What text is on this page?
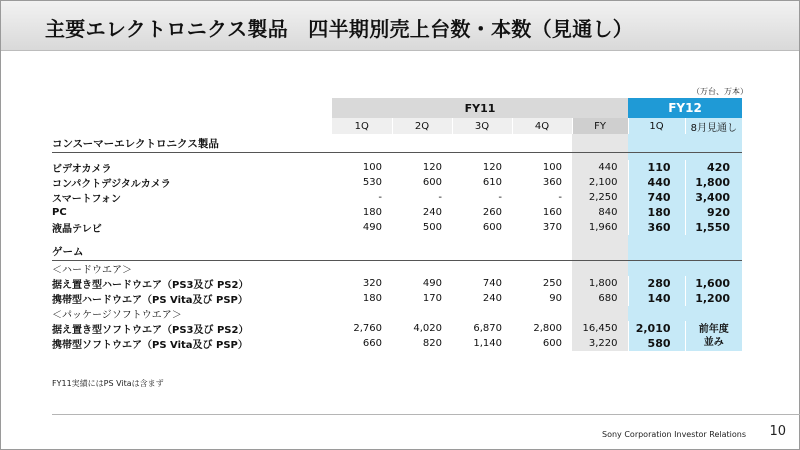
主要エレクトロニクス製品　四半期別売上台数・本数（見通し）
（万台、万本）
	FY11					FY12	
	1Q	2Q	3Q	4Q	FY	1Q	8月見通し
コンスーマーエレクトロニクス製品							

ビデオカメラ	100	120	120	100	440	110	420
コンパクトデジタルカメラ	530	600	610	360	2,100	440	1,800
スマートフォン	-	-	-	-	2,250	740	3,400
PC	180	240	260	160	840	180	920
液晶テレビ	490	500	600	370	1,960	360	1,550

ゲーム							
＜ハードウエア＞							
据え置き型ハードウエア（PS3及び PS2）	320	490	740	250	1,800	280	1,600
携帯型ハードウエア（PS Vita及び PSP）	180	170	240	90	680	140	1,200
＜パッケージソフトウエア＞							
据え置き型ソフトウエア（PS3及び PS2）	2,760	4,020	6,870	2,800	16,450	2,010	前年度
並み

携帯型ソフトウエア（PS Vita及び PSP）	660	820	1,140	600	3,220	580	
FY11実績にはPS Vitaは含まず
Sony Corporation Investor Relations 10
